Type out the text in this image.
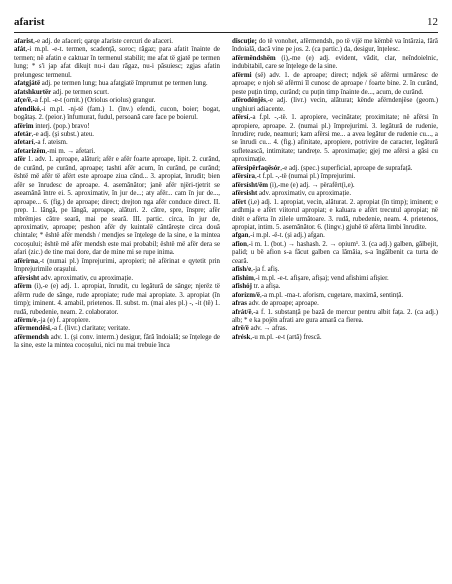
afarist	12

afarist,-e adj. de afaceri; qarqe afariste cercuri de afaceri.

afát,-i m.pl. -e-t. termen, scadenţă, soroc; răgaz; para afatit înainte de termen; në afatin e caktuar în termenul stabilit; me afat të gjatë pe termen lung; * s'i jap afat dikujt nu-i dau răgaz, nu-i păsuiesc; zgjas afatin prelungesc termenul.

afatgjátë adj. pe termen lung; hua afatgjatë împrumut pe termen lung.

afatshkurtër adj. pe termen scurt.

afçe/ë,-a f.pl. -e-t (ornit.) (Oriolus oriolus) grangur.

afendikó,-i m.pl. -nj-të (fam.) 1. (înv.) efendi, cucon, boier; bogat, bogătaș. 2. (peior.) înfumurat, fudul, persoană care face pe boierul.

afërim interj. (pop.) bravo!

afetár,-e adj. (și subst.) ateu.

afetarí,-a f. ateism.

afetarizëm,-mi m. → afetari.

afër 1. adv. 1. aproape, alături; afër e afër foarte aproape, lipit. 2. curând, de curând, pe curând, aproape; tashti afër acum, în curând, pe curând; është më afër të afërt este aproape ziua când... 3. apropiat, înrudit; bien afër se înrudesc de aproape. 4. asemănător; janë afër njëri-tjetrit se aseamănă între ei. 5. aproximativ, în jur de...; aty afër... cam în jur de..., aproape... 6. (fig.) de aproape; direct; drejton nga afër conduce direct. II. prep. 1. lângă, pe lângă, aproape, alături. 2. către, spre, înspre; afër mbrëmjes către seară, mai pe seară. III. partic. circa, în jur de, aproximativ, aproape; peshon afër dy kuintalë cântărește circa două chintale; * është afër mendsh / mendjes se înțelege de la sine, e la mintea cocoșului; është më afër mendsh este mai probabil; është më afër dera se afari (zic.) de tine mai dore, dar de mine mi se rupe inima.

afërírna,-t (numai pl.) împrejurimi, apropieri; në afërinat e qytetit prin împrejurimile orașului.

afërsisht adv. aproximativ, cu aproximație.

afërm (i),-e (e) adj. 1. apropiat, înrudit, cu legătură de sânge; njerëz të afërm rude de sânge, rude apropiate; rude mai apropiate. 3. apropiat (în timp); iminent. 4. amabil, prietenos. II. subst. m. (mai ales pl.) -, -it (të) 1. rudă, rubedenie, neam. 2. colaborator.

afërm/e,-ja (e) f. apropiere.

afërmendësi,-a f. (livr.) claritate; veritate.

afërmendsh adv. 1. (și conv. interm.) desigur, fără îndoială; se înțelege de la sine, este la mintea cocoșului, nici nu mai trebuie înca

discuție; do të vonohet, afërmendsh, po të vijë me këmbë va întârzia, fără îndoială, dacă vine pe jos. 2. (ca partic.) da, desigur, înțelesc.

afërmëndshëm (i),-me (e) adj. evident, vădit, clar, neîndoielnic, indubitabil, care se înțelege de la sine.

afërmi (së) adv. 1. de aproape; direct; ndjek së afërmi urmăresc de aproape; e njoh së afërmi îl cunosc de aproape / foarte bine. 2. în curând, peste puțin timp, curând; cu puțin timp înainte de..., acum, de curând.

afërodénjës,-e adj. (livr.) vecin, alăturat; kënde afërndenjëse (geom.) unghiuri adiacente.

afërsí,-a f.pl. -,-të. 1. apropiere, vecinătate; proximitate; në afërsi în apropiere, aproape. 2. (numai pl.) împrejurimi. 3. legătură de rudenie, înrudire; rude, neamuri; kam afërsi me... a avea legătur de rudenie cu..., a se înrudi cu... 4. (fig.) afinitate, apropiere, potrivire de caracter, legătură sufletească, intimitate; tandrețe. 5. aproximație; gjej me afërsi a găsi cu aproximație.

afërsipërfaqësór,-e adj. (spec.) superficial, aproape de suprafață.

afërsíra,-t f.pl. -,-të (numai pl.) împrejurimi.

afërsísht/ëm (i),-me (e) adj. → përafërt(i,e).

afërsisht adv. aproximativ, cu aproximație.

afërt (i,e) adj. 1. apropiat, vecin, alăturat. 2. apropiat (în timp); iminent; e ardhmja e afërt viitorul apropiat; e kaluara e afërt trecutul apropiat; në ditët e afërta în zilele următoare. 3. rudă, rubedenie, neam. 4. prietenos, apropiat, intim. 5. asemănător. 6. (lingv.) gjuhë të afërta limbi înrudite.

afgan,-i m.pl. -ë-t. (și adj.) afgan.

afion,-i m. 1. (bot.) → hashash. 2. → opium¹. 3. (ca adj.) galben, gălbejit, palid; u bë afion s-a făcut galben ca lămâia, s-a îngălbenit ca turta de ceară.

afish/e,-ja f. afiș.

afishim,-i m.pl. -e-t. afișare, afișaj; vend afishimi afișier.

afishój tr. a afișa.

aforízm/ë,-a m.pl. -ma-t. aforism, cugetare, maximă, sentință.

afras adv. de aproape; aproape.

afrát/ë,-a f. 1. substanță pe bază de mercur pentru albit fața. 2. (ca adj.) alb; * e ka pojën afrati are gura amară ca fierea.

afrë/ë adv. → afras.

afrésk,-u m.pl. -e-t (artă) frescă.
